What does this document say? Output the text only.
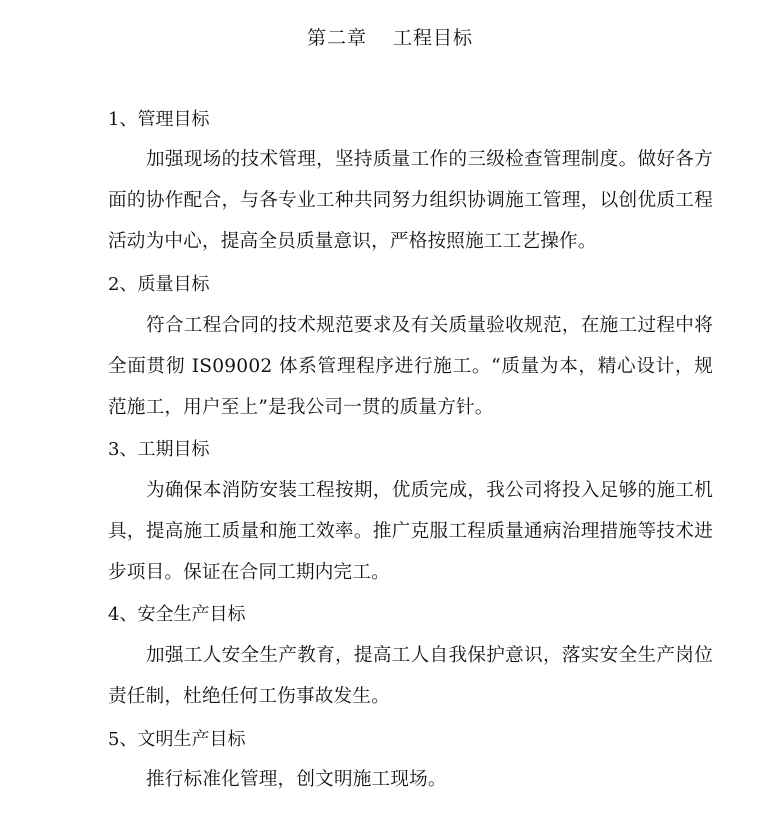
第二章 工程目标
1、管理目标
加强现场的技术管理，坚持质量工作的三级检查管理制度。做好各方面的协作配合，与各专业工种共同努力组织协调施工管理，以创优质工程活动为中心，提高全员质量意识，严格按照施工工艺操作。
2、质量目标
符合工程合同的技术规范要求及有关质量验收规范，在施工过程中将全面贯彻 IS09002 体系管理程序进行施工。“质量为本，精心设计，规范施工，用户至上”是我公司一贯的质量方针。
3、工期目标
为确保本消防安装工程按期，优质完成，我公司将投入足够的施工机具，提高施工质量和施工效率。推广克服工程质量通病治理措施等技术进步项目。保证在合同工期内完工。
4、安全生产目标
加强工人安全生产教育，提高工人自我保护意识，落实安全生产岗位责任制，杜绝任何工伤事故发生。
5、文明生产目标
推行标准化管理，创文明施工现场。
